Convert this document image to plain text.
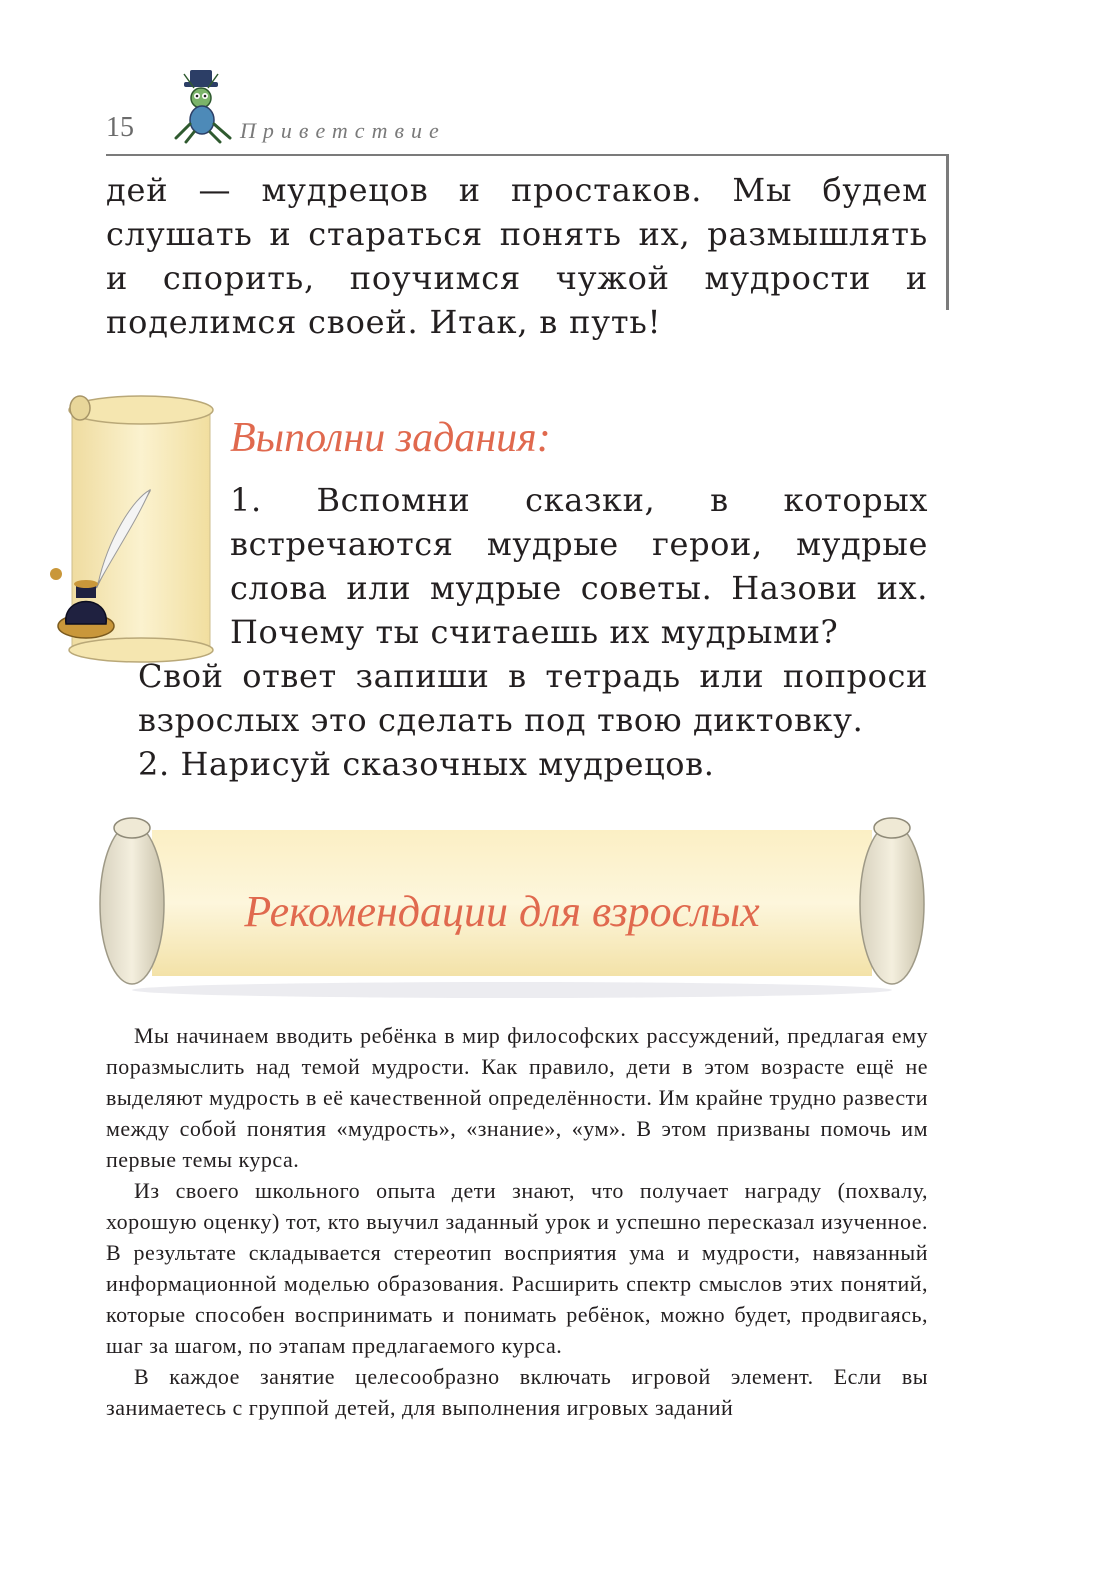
15	Приветствие

дей — мудрецов и простаков. Мы будем слушать и стараться понять их, размышлять и спорить, поучимся чужой мудрости и поделимся своей. Итак, в путь!

Выполни задания:

1. Вспомни сказки, в которых встречаются мудрые герои, мудрые слова или мудрые советы. Назови их. Почему ты считаешь их мудрыми?

Свой ответ запиши в тетрадь или попроси взрослых это сделать под твою диктовку.

2. Нарисуй сказочных мудрецов.

Рекомендации для взрослых

Мы начинаем вводить ребёнка в мир философских рассуждений, предлагая ему поразмыслить над темой мудрости. Как правило, дети в этом возрасте ещё не выделяют мудрость в её качественной определённости. Им крайне трудно развести между собой понятия «мудрость», «знание», «ум». В этом призваны помочь им первые темы курса.

Из своего школьного опыта дети знают, что получает награду (похвалу, хорошую оценку) тот, кто выучил заданный урок и успешно пересказал изученное. В результате складывается стереотип восприятия ума и мудрости, навязанный информационной моделью образования. Расширить спектр смыслов этих понятий, которые способен воспринимать и понимать ребёнок, можно будет, продвигаясь, шаг за шагом, по этапам предлагаемого курса.

В каждое занятие целесообразно включать игровой элемент. Если вы занимаетесь с группой детей, для выполнения игровых заданий
